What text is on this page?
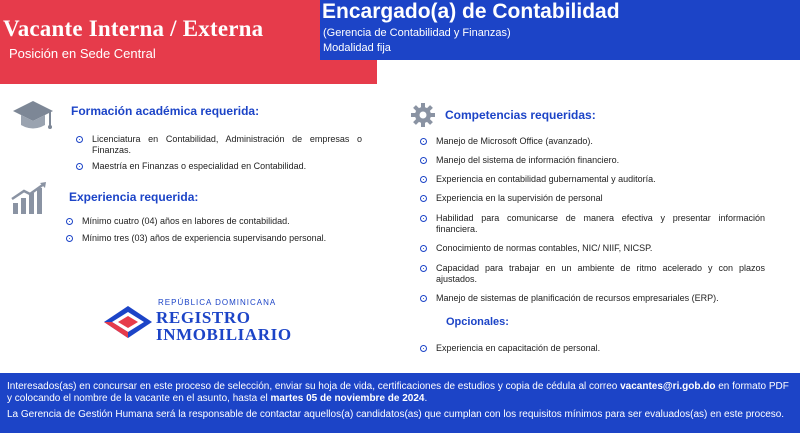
Vacante Interna / Externa
Posición en Sede Central
Encargado(a) de Contabilidad
(Gerencia de Contabilidad y Finanzas)
Modalidad fija
Formación académica requerida:
Licenciatura en Contabilidad, Administración de empresas o Finanzas.
Maestría en Finanzas o especialidad en Contabilidad.
Experiencia requerida:
Mínimo cuatro (04) años en labores de contabilidad.
Mínimo tres (03) años de experiencia supervisando personal.
REPÚBLICA DOMINICANA
REGISTRO
INMOBILIARIO
Competencias requeridas:
Manejo de Microsoft Office (avanzado).
Manejo del sistema de información financiero.
Experiencia en contabilidad gubernamental y auditoría.
Experiencia en la supervisión de personal
Habilidad para comunicarse de manera efectiva y presentar información financiera.
Conocimiento de normas contables, NIC/ NIIF, NICSP.
Capacidad para trabajar en un ambiente de ritmo acelerado y con plazos ajustados.
Manejo de sistemas de planificación de recursos empresariales (ERP).
Opcionales:
Experiencia en capacitación de personal.

Interesados(as) en concursar en este proceso de selección, enviar su hoja de vida, certificaciones de estudios y copia de cédula al correo vacantes@ri.gob.do en formato PDF y colocando el nombre de la vacante en el asunto, hasta el martes 05 de noviembre de 2024.

La Gerencia de Gestión Humana será la responsable de contactar aquellos(a) candidatos(as) que cumplan con los requisitos mínimos para ser evaluados(as) en este proceso.
